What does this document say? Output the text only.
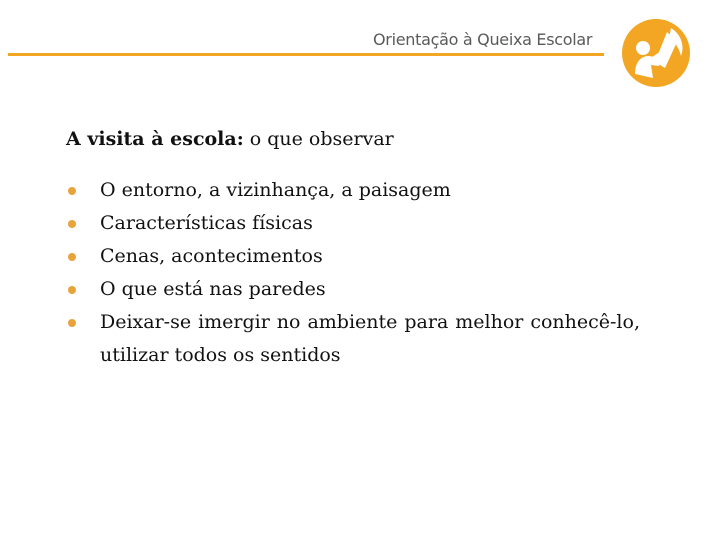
Orientação à Queixa Escolar
A visita à escola: o que observar
O entorno, a vizinhança, a paisagem
Características físicas
Cenas, acontecimentos
O que está nas paredes
Deixar-se imergir no ambiente para melhor conhecê-lo, utilizar todos os sentidos
